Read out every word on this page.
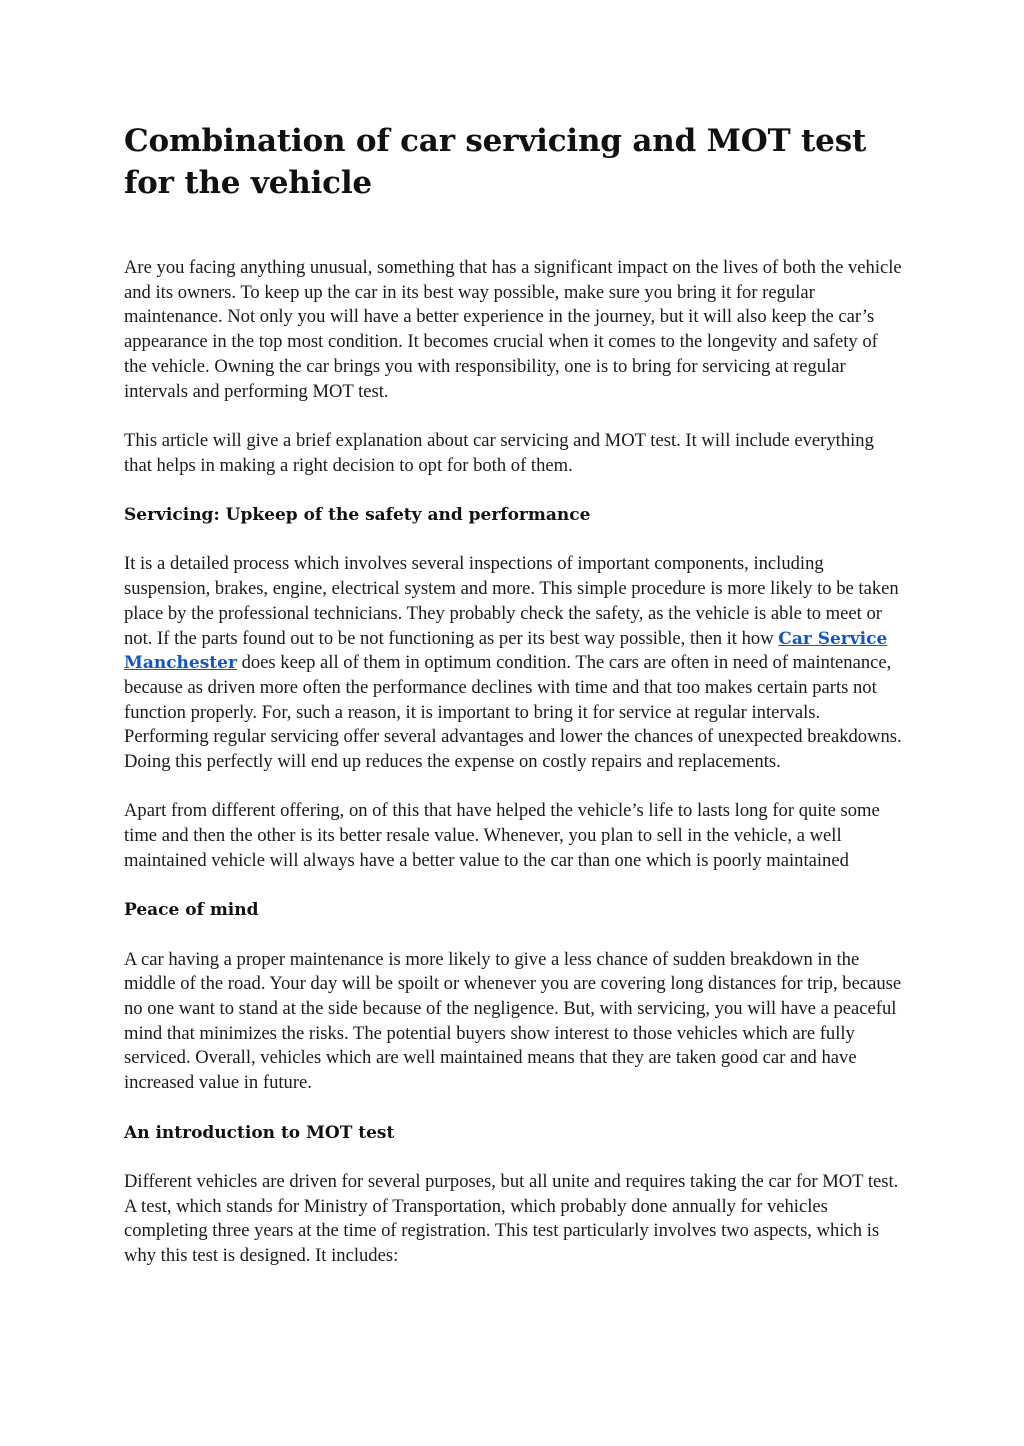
Combination of car servicing and MOT test for the vehicle

Are you facing anything unusual, something that has a significant impact on the lives of both the vehicle and its owners. To keep up the car in its best way possible, make sure you bring it for regular maintenance. Not only you will have a better experience in the journey, but it will also keep the car’s appearance in the top most condition. It becomes crucial when it comes to the longevity and safety of the vehicle. Owning the car brings you with responsibility, one is to bring for servicing at regular intervals and performing MOT test.

This article will give a brief explanation about car servicing and MOT test. It will include everything that helps in making a right decision to opt for both of them.

Servicing: Upkeep of the safety and performance

It is a detailed process which involves several inspections of important components, including suspension, brakes, engine, electrical system and more. This simple procedure is more likely to be taken place by the professional technicians. They probably check the safety, as the vehicle is able to meet or not. If the parts found out to be not functioning as per its best way possible, then it how Car Service Manchester does keep all of them in optimum condition. The cars are often in need of maintenance, because as driven more often the performance declines with time and that too makes certain parts not function properly. For, such a reason, it is important to bring it for service at regular intervals. Performing regular servicing offer several advantages and lower the chances of unexpected breakdowns. Doing this perfectly will end up reduces the expense on costly repairs and replacements.

Apart from different offering, on of this that have helped the vehicle’s life to lasts long for quite some time and then the other is its better resale value. Whenever, you plan to sell in the vehicle, a well maintained vehicle will always have a better value to the car than one which is poorly maintained

Peace of mind

A car having a proper maintenance is more likely to give a less chance of sudden breakdown in the middle of the road. Your day will be spoilt or whenever you are covering long distances for trip, because no one want to stand at the side because of the negligence. But, with servicing, you will have a peaceful mind that minimizes the risks. The potential buyers show interest to those vehicles which are fully serviced. Overall, vehicles which are well maintained means that they are taken good car and have increased value in future.

An introduction to MOT test

Different vehicles are driven for several purposes, but all unite and requires taking the car for MOT test. A test, which stands for Ministry of Transportation, which probably done annually for vehicles completing three years at the time of registration. This test particularly involves two aspects, which is why this test is designed. It includes:
